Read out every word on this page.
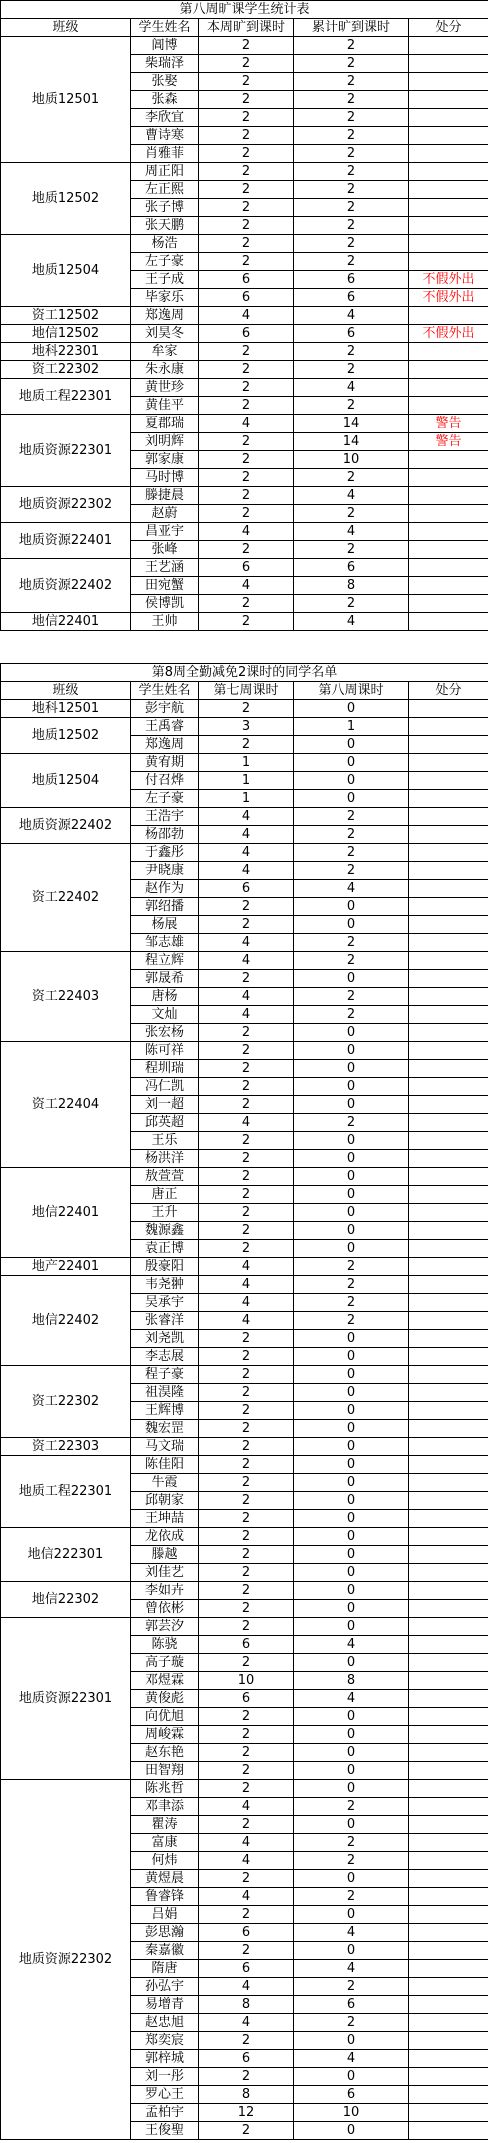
第八周旷课学生统计表				
班级	学生姓名	本周旷到课时	累计旷到课时	处分
地质12501	阊博	2	2	
	柴瑞泽	2	2	
	张娶	2	2	
	张森	2	2	
	李欣宜	2	2	
	曹诗寒	2	2	
	肖雅菲	2	2	
地质12502	周正阳	2	2	
	左正熙	2	2	
	张子博	2	2	
	张天鹏	2	2	
地质12504	杨浩	2	2	
	左子豪	2	2	
	王子成	6	6	不假外出
	毕家乐	6	6	不假外出
资工12502	郑逸周	4	4	
地信12502	刘昊冬	6	6	不假外出
地科22301	牟家	2	2	
资工22302	朱永康	2	2	
地质工程22301	黄世珍	2	4	
	黄佳平	2	2	
地质资源22301	夏郡瑞	4	14	警告
	刘明辉	2	14	警告
	郭家康	2	10	
	马时博	2	2	
地质资源22302	滕捷晨	2	4	
	赵蔚	2	2	
地质资源22401	昌亚宇	4	4	
	张峰	2	2	
地质资源22402	王艺涵	6	6	
	田宛蟹	4	8	
	侯博凯	2	2	
地信22401	王帅	2	4	
第8周全勤减免2课时的同学名单				
班级	学生姓名	第七周课时	第八周课时	处分
地科12501	彭宇航	2	0	
地质12502	王禹睿	3	1	
	郑逸周	2	0	
地质12504	黄宥期	1	0	
	付召烨	1	0	
	左子豪	1	0	
地质资源22402	王浩宇	4	2	
	杨邵勃	4	2	
资工22402	于鑫彤	4	2	
	尹晓康	4	2	
	赵作为	6	4	
	郭绍播	2	0	
	杨展	2	0	
	邹志雄	4	2	
资工22403	程立辉	4	2	
	郭晟希	2	0	
	唐杨	4	2	
	文灿	4	2	
	张宏杨	2	0	
资工22404	陈可祥	2	0	
	程圳瑞	2	0	
	冯仁凯	2	0	
	刘一超	2	0	
	邱英超	4	2	
	王乐	2	0	
	杨洪洋	2	0	
地信22401	敖萱萱	2	0	
	唐正	2	0	
	王升	2	0	
	魏源鑫	2	0	
	袁正博	2	0	
地产22401	殷豪阳	4	2	
地信22402	韦尧翀	4	2	
	吴承宇	4	2	
	张睿洋	4	2	
	刘尧凯	2	0	
	李志展	2	0	
资工22302	程子豪	2	0	
	祖淏隆	2	0	
	王辉博	2	0	
	魏宏罡	2	0	
资工22303	马文瑞	2	0	
地质工程22301	陈佳阳	2	0	
	牛霞	2	0	
	邱朝家	2	0	
	王坤喆	2	0	
地信222301	龙依成	2	0	
	滕越	2	0	
	刘佳艺	2	0	
地信22302	李如卉	2	0	
	曾依彬	2	0	
地质资源22301	郭芸汐	2	0	
	陈骁	6	4	
	高子璇	2	0	
	邓煜霖	10	8	
	黄俊彪	6	4	
	向优旭	2	0	
	周峻霖	2	0	
	赵东艳	2	0	
	田智翔	2	0	
地质资源22302	陈兆哲	2	0	
	邓聿添	4	2	
	瞿涛	2	0	
	富康	4	2	
	何炜	4	2	
	黄煜晨	2	0	
	鲁睿锋	4	2	
	吕娟	2	0	
	彭思瀚	6	4	
	秦嘉徽	2	0	
	隋唐	6	4	
	孙弘宇	4	2	
	易增青	8	6	
	赵忠旭	4	2	
	郑奕宸	2	0	
	郭梓城	6	4	
	刘一彤	2	0	
	罗心王	8	6	
	孟柏宇	12	10	
	王俊聖	2	0	
